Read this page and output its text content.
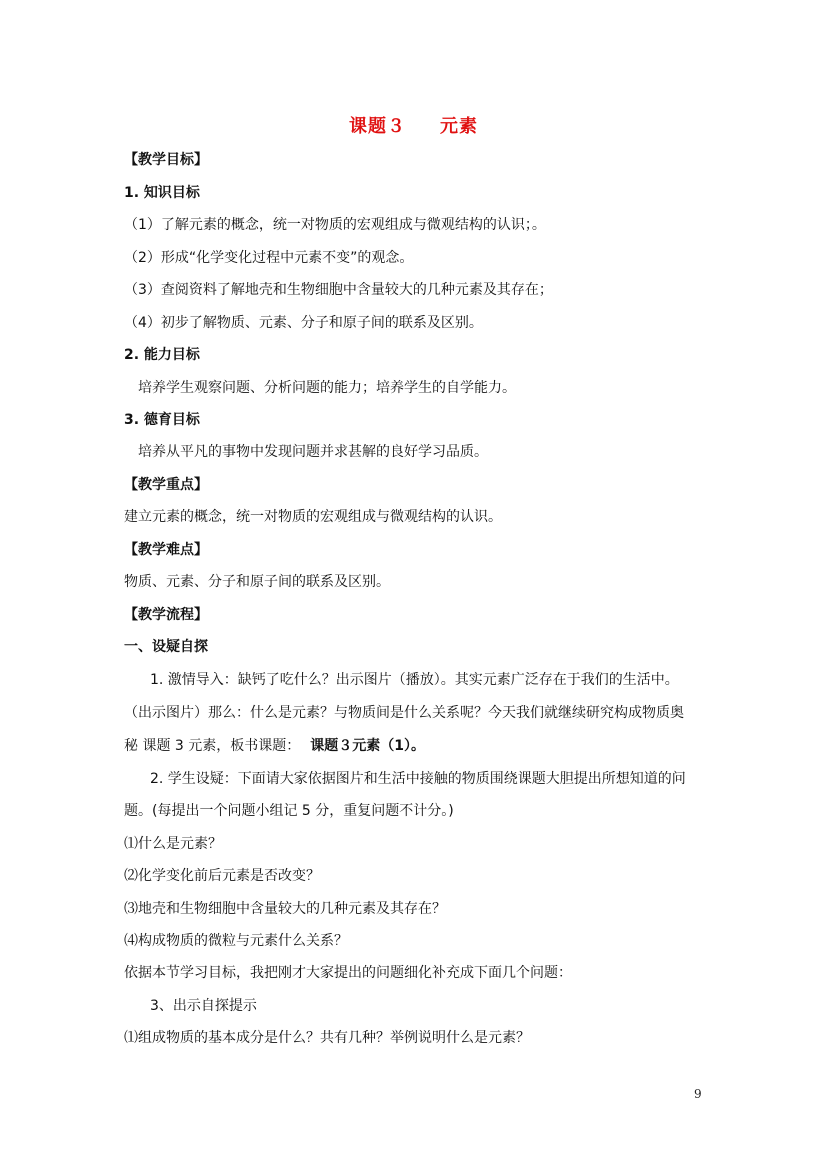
课题３ 元素
【教学目标】
1. 知识目标
（1）了解元素的概念，统一对物质的宏观组成与微观结构的认识；。
（2）形成“化学变化过程中元素不变”的观念。
（3）查阅资料了解地壳和生物细胞中含量较大的几种元素及其存在；
（4）初步了解物质、元素、分子和原子间的联系及区别。
2. 能力目标
培养学生观察问题、分析问题的能力；培养学生的自学能力。
3. 德育目标
培养从平凡的事物中发现问题并求甚解的良好学习品质。
【教学重点】
建立元素的概念，统一对物质的宏观组成与微观结构的认识。
【教学难点】
物质、元素、分子和原子间的联系及区别。
【教学流程】
一、设疑自探
1. 激情导入：缺钙了吃什么？出示图片（播放）。其实元素广泛存在于我们的生活中。
（出示图片）那么：什么是元素？与物质间是什么关系呢？今天我们就继续研究构成物质奥
秘 课题 3 元素，板书课题： 课题３元素（1）。
2. 学生设疑：下面请大家依据图片和生活中接触的物质围绕课题大胆提出所想知道的问
题。(每提出一个问题小组记 5 分，重复问题不计分。)
⑴什么是元素？
⑵化学变化前后元素是否改变？
⑶地壳和生物细胞中含量较大的几种元素及其存在？
⑷构成物质的微粒与元素什么关系？
依据本节学习目标，我把刚才大家提出的问题细化补充成下面几个问题：
3、出示自探提示
⑴组成物质的基本成分是什么？共有几种？举例说明什么是元素？
9
